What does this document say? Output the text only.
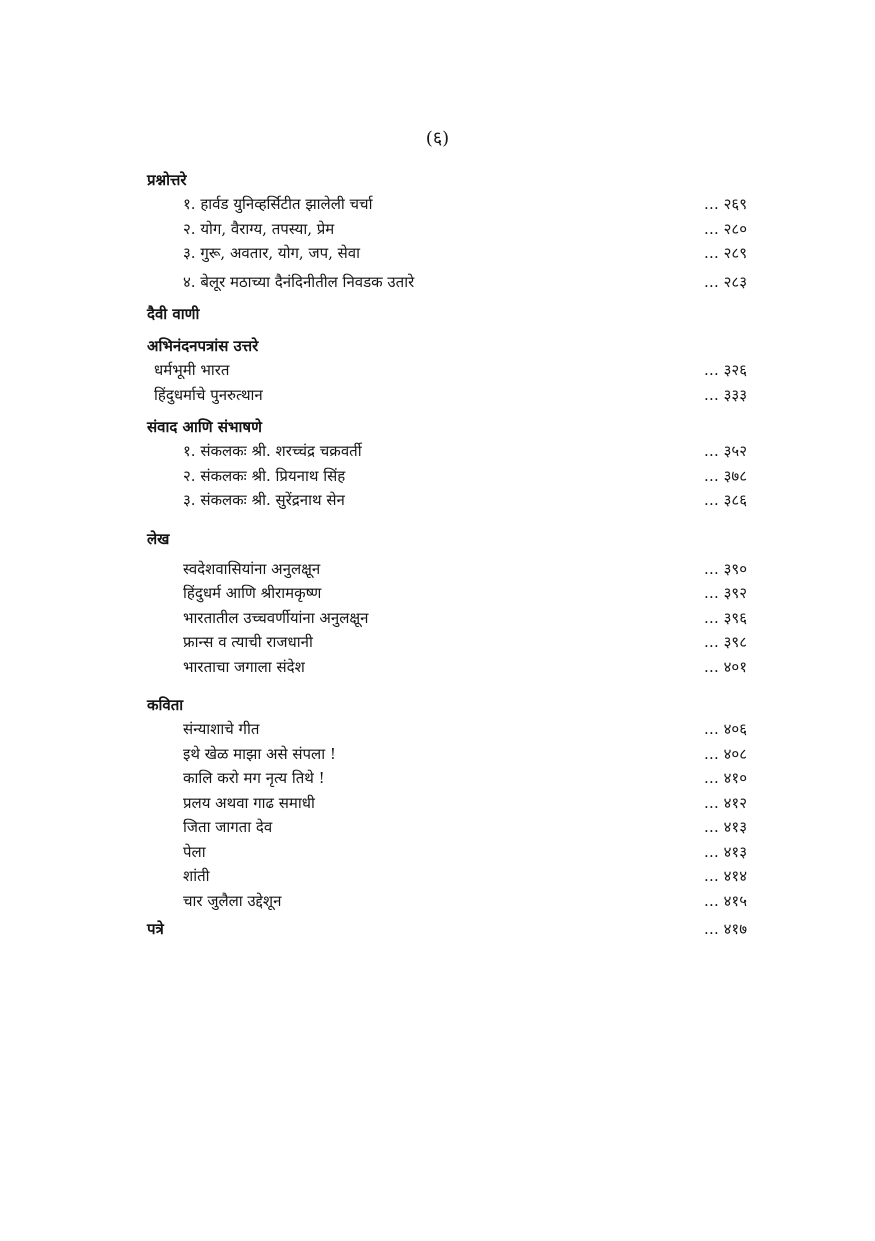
(६)
प्रश्नोत्तरे
१. हार्वड युनिव्हर्सिटीत झालेली चर्चा	… २६९
२. योग, वैराग्य, तपस्या, प्रेम	… २८०
३. गुरू, अवतार, योग, जप, सेवा	… २८९
४. बेलूर मठाच्या दैनंदिनीतील निवडक उतारे	… २८३
दैवी वाणी
अभिनंदनपत्रांस उत्तरे
धर्मभूमी भारत	… ३२६
हिंदुधर्माचे पुनरुत्थान	… ३३३
संवाद आणि संभाषणे
१. संकलकः श्री. शरच्चंद्र चक्रवर्ती	… ३५२
२. संकलकः श्री. प्रियनाथ सिंह	… ३७८
३. संकलकः श्री. सुरेंद्रनाथ सेन	… ३८६
लेख
स्वदेशवासियांना अनुलक्षून	… ३९०
हिंदुधर्म आणि श्रीरामकृष्ण	… ३९२
भारतातील उच्चवर्णीयांना अनुलक्षून	… ३९६
फ्रान्स व त्याची राजधानी	… ३९८
भारताचा जगाला संदेश	… ४०१
कविता
संन्याशाचे गीत	… ४०६
इथे खेळ माझा असे संपला !	… ४०८
कालि करो मग नृत्य तिथे !	… ४१०
प्रलय अथवा गाढ समाधी	… ४१२
जिता जागता देव	… ४१३
पेला	… ४१३
शांती	… ४१४
चार जुलैला उद्देशून	… ४१५
पत्रे	… ४१७
